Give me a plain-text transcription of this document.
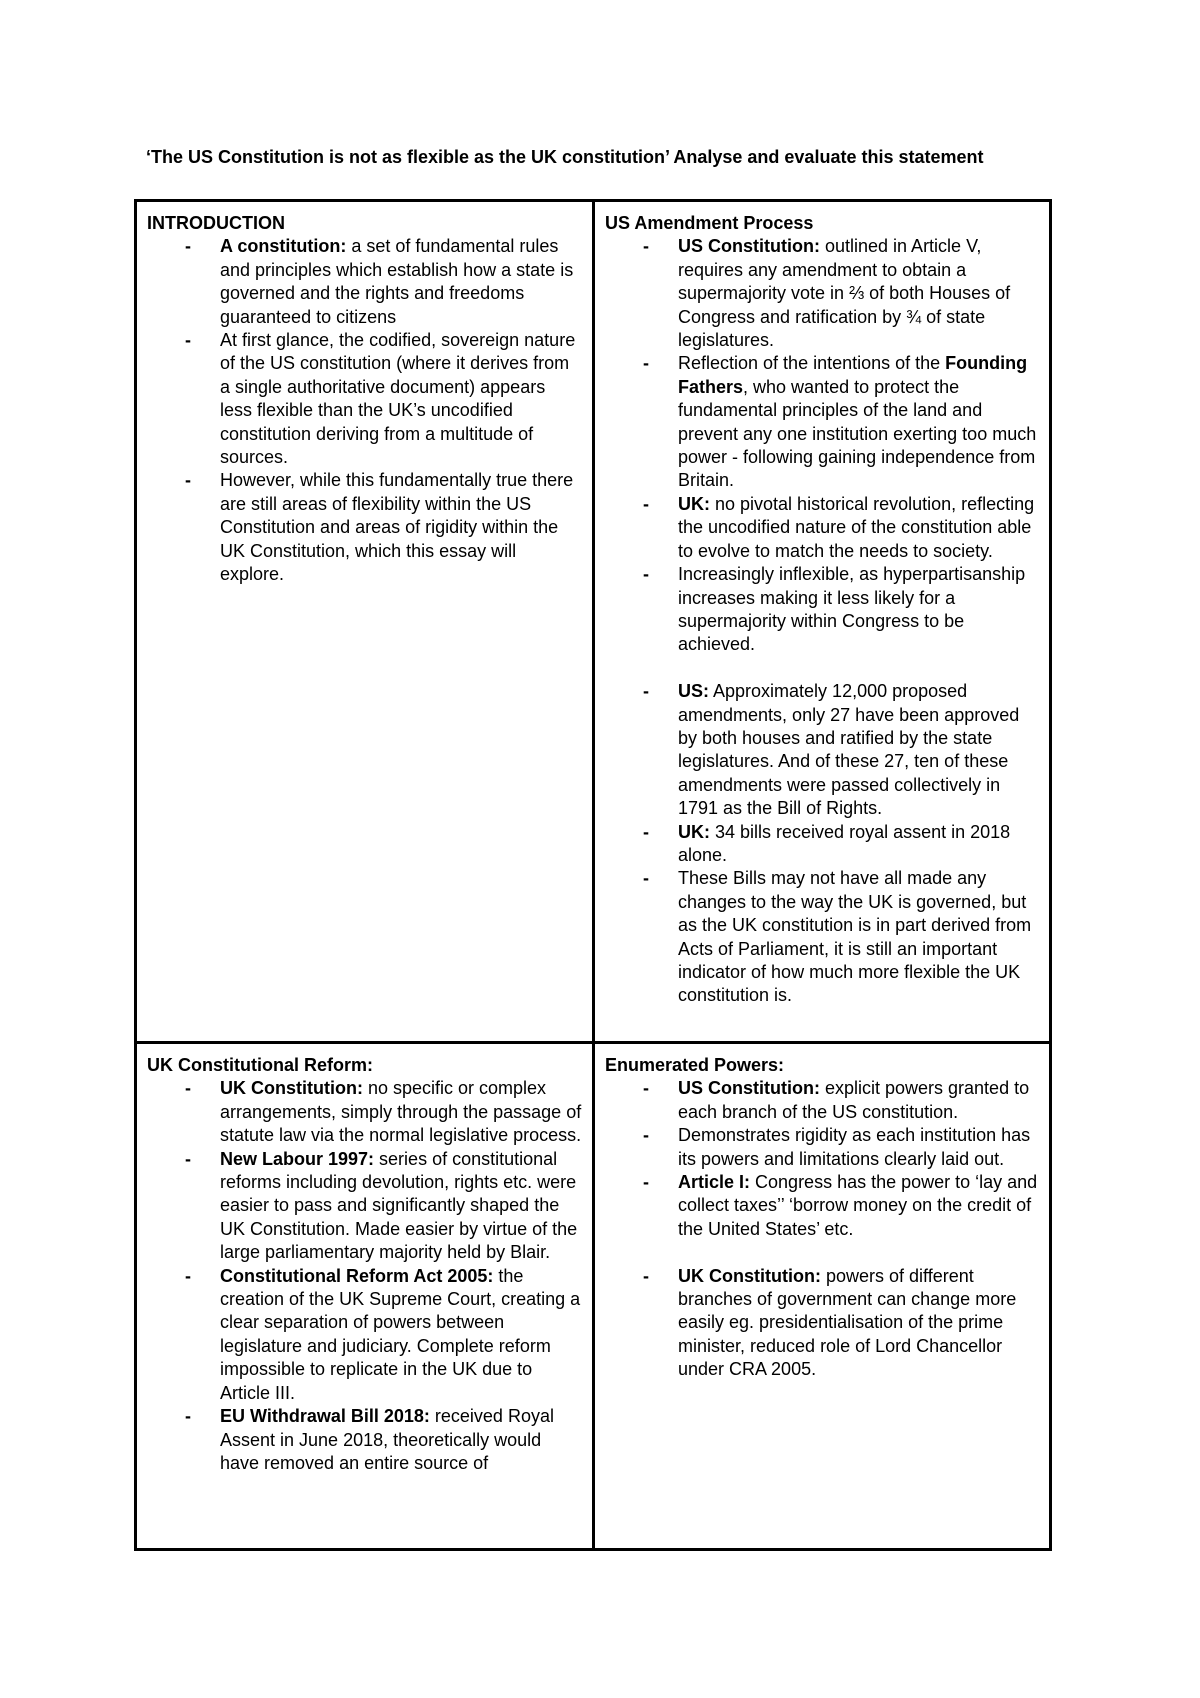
‘The US Constitution is not as flexible as the UK constitution’ Analyse and evaluate this statement
INTRODUCTION
- A constitution: a set of fundamental rules and principles which establish how a state is governed and the rights and freedoms guaranteed to citizens
- At first glance, the codified, sovereign nature of the US constitution (where it derives from a single authoritative document) appears less flexible than the UK’s uncodified constitution deriving from a multitude of sources.
- However, while this fundamentally true there are still areas of flexibility within the US Constitution and areas of rigidity within the UK Constitution, which this essay will explore.
US Amendment Process
- US Constitution: outlined in Article V, requires any amendment to obtain a supermajority vote in ⅔ of both Houses of Congress and ratification by ¾ of state legislatures.
- Reflection of the intentions of the Founding Fathers, who wanted to protect the fundamental principles of the land and prevent any one institution exerting too much power - following gaining independence from Britain.
- UK: no pivotal historical revolution, reflecting the uncodified nature of the constitution able to evolve to match the needs to society.
- Increasingly inflexible, as hyperpartisanship increases making it less likely for a supermajority within Congress to be achieved.
- US: Approximately 12,000 proposed amendments, only 27 have been approved by both houses and ratified by the state legislatures. And of these 27, ten of these amendments were passed collectively in 1791 as the Bill of Rights.
- UK: 34 bills received royal assent in 2018 alone.
- These Bills may not have all made any changes to the way the UK is governed, but as the UK constitution is in part derived from Acts of Parliament, it is still an important indicator of how much more flexible the UK constitution is.
UK Constitutional Reform:
- UK Constitution: no specific or complex arrangements, simply through the passage of statute law via the normal legislative process.
- New Labour 1997: series of constitutional reforms including devolution, rights etc. were easier to pass and significantly shaped the UK Constitution. Made easier by virtue of the large parliamentary majority held by Blair.
- Constitutional Reform Act 2005: the creation of the UK Supreme Court, creating a clear separation of powers between legislature and judiciary. Complete reform impossible to replicate in the UK due to Article III.
- EU Withdrawal Bill 2018: received Royal Assent in June 2018, theoretically would have removed an entire source of
Enumerated Powers:
- US Constitution: explicit powers granted to each branch of the US constitution.
- Demonstrates rigidity as each institution has its powers and limitations clearly laid out.
- Article I: Congress has the power to ‘lay and collect taxes’’ ‘borrow money on the credit of the United States’ etc.
- UK Constitution: powers of different branches of government can change more easily eg. presidentialisation of the prime minister, reduced role of Lord Chancellor under CRA 2005.
